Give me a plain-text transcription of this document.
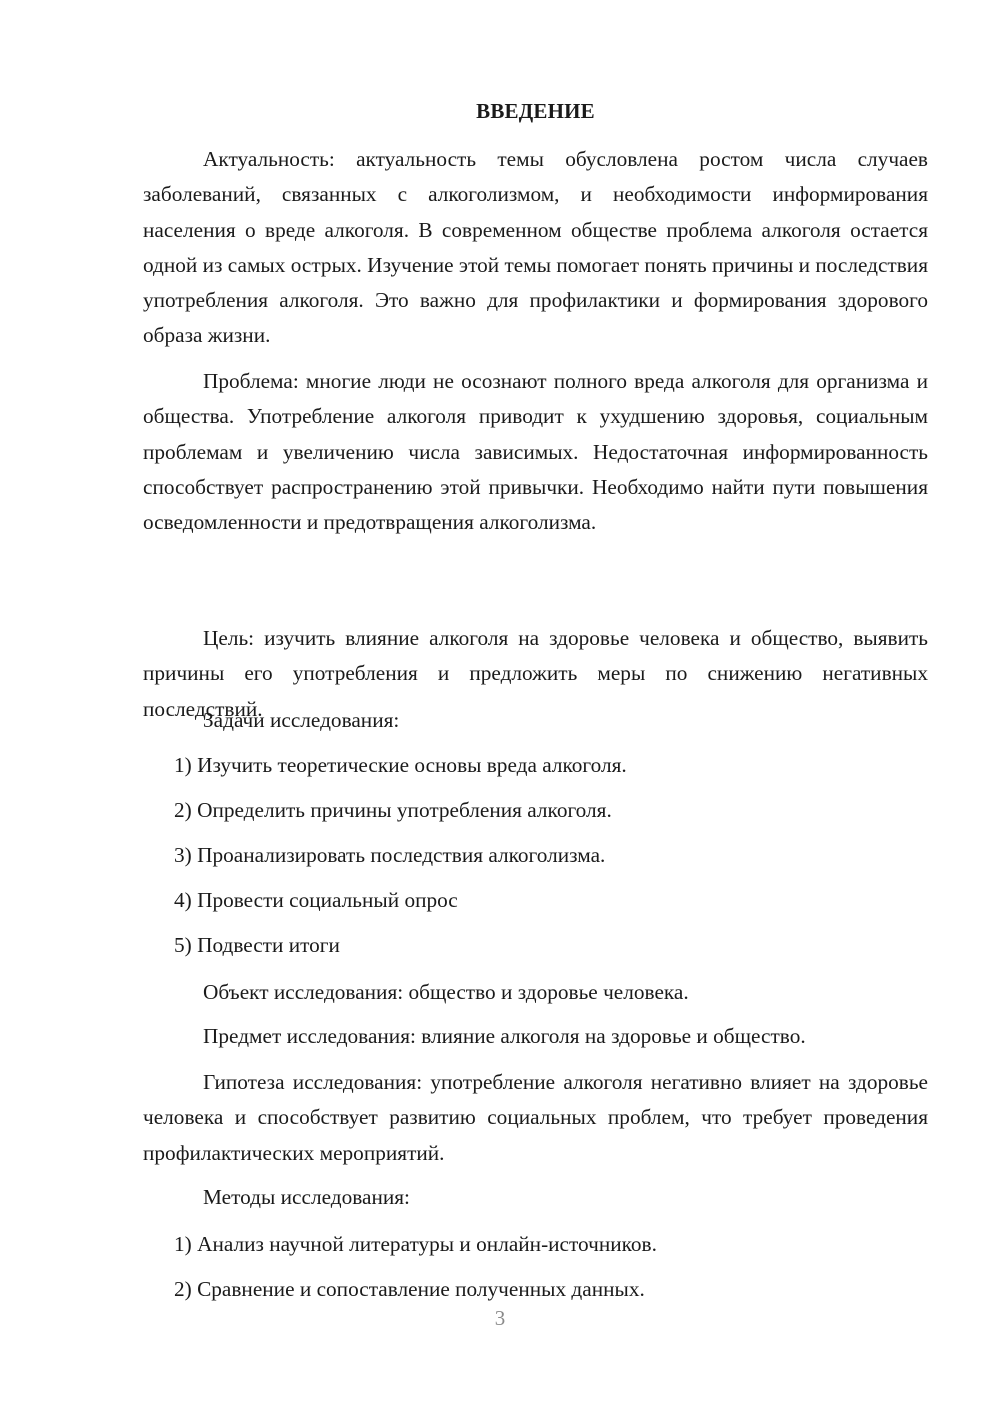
ВВЕДЕНИЕ

Актуальность: актуальность темы обусловлена ростом числа случаев заболеваний, связанных с алкоголизмом, и необходимости информирования населения о вреде алкоголя. В современном обществе проблема алкоголя остается одной из самых острых. Изучение этой темы помогает понять причины и последствия употребления алкоголя. Это важно для профилактики и формирования здорового образа жизни.

Проблема: многие люди не осознают полного вреда алкоголя для организма и общества. Употребление алкоголя приводит к ухудшению здоровья, социальным проблемам и увеличению числа зависимых. Недостаточная информированность способствует распространению этой привычки. Необходимо найти пути повышения осведомленности и предотвращения алкоголизма.

Цель: изучить влияние алкоголя на здоровье человека и общество, выявить причины его употребления и предложить меры по снижению негативных последствий.

Задачи исследования:
1) Изучить теоретические основы вреда алкоголя.
2) Определить причины употребления алкоголя.
3) Проанализировать последствия алкоголизма.
4) Провести социальный опрос
5) Подвести итоги
Объект исследования: общество и здоровье человека.
Предмет исследования: влияние алкоголя на здоровье и общество.

Гипотеза исследования: употребление алкоголя негативно влияет на здоровье человека и способствует развитию социальных проблем, что требует проведения профилактических мероприятий.

Методы исследования:
1) Анализ научной литературы и онлайн-источников.
2) Сравнение и сопоставление полученных данных.
3
